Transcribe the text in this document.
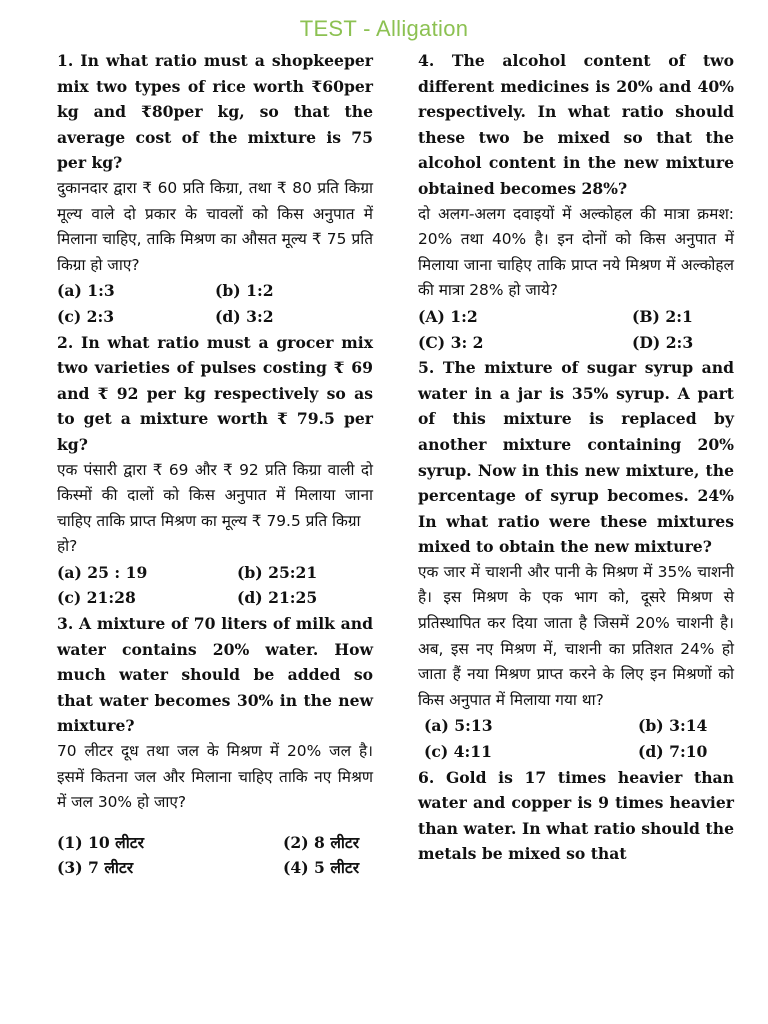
TEST - Alligation

1. In what ratio must a shopkeeper mix two types of rice worth ₹60per kg and ₹80per kg, so that the average cost of the mixture is 75 per kg?

दुकानदार द्वारा ₹ 60 प्रति किग्रा, तथा ₹ 80 प्रति किग्रा मूल्य वाले दो प्रकार के चावलों को किस अनुपात में मिलाना चाहिए, ताकि मिश्रण का औसत मूल्य ₹ 75 प्रति किग्रा हो जाए?

(a) 1:3	(b) 1:2
(c) 2:3	(d) 3:2

2. In what ratio must a grocer mix two varieties of pulses costing ₹ 69 and ₹ 92 per kg respectively so as to get a mixture worth ₹ 79.5 per kg?

एक पंसारी द्वारा ₹ 69 और ₹ 92 प्रति किग्रा वाली दो किस्मों की दालों को किस अनुपात में मिलाया जाना चाहिए ताकि प्राप्त मिश्रण का मूल्य ₹ 79.5 प्रति किग्रा

हो?

(a) 25 : 19	(b) 25:21
(c) 21:28	(d) 21:25

3. A mixture of 70 liters of milk and water contains 20% water. How much water should be added so that water becomes 30% in the new mixture?

70 लीटर दूध तथा जल के मिश्रण में 20% जल है। इसमें कितना जल और मिलाना चाहिए ताकि नए मिश्रण में जल 30% हो जाए?

(1) 10 लीटर	(2) 8 लीटर
(3) 7 लीटर	(4) 5 लीटर

4. The alcohol content of two different medicines is 20% and 40% respectively. In what ratio should these two be mixed so that the alcohol content in the new mixture obtained becomes 28%?

दो अलग-अलग दवाइयों में अल्कोहल की मात्रा क्रमश: 20% तथा 40% है। इन दोनों को किस अनुपात में मिलाया जाना चाहिए ताकि प्राप्त नये मिश्रण में अल्कोहल की मात्रा 28% हो जाये?

(A) 1:2	(B) 2:1
(C) 3: 2	(D) 2:3

5. The mixture of sugar syrup and water in a jar is 35% syrup. A part of this mixture is replaced by another mixture containing 20% syrup. Now in this new mixture, the percentage of syrup becomes. 24% In what ratio were these mixtures mixed to obtain the new mixture?

एक जार में चाशनी और पानी के मिश्रण में 35% चाशनी है। इस मिश्रण के एक भाग को, दूसरे मिश्रण से प्रतिस्थापित कर दिया जाता है जिसमें 20% चाशनी है। अब, इस नए मिश्रण में, चाशनी का प्रतिशत 24% हो जाता हैं नया मिश्रण प्राप्त करने के लिए इन मिश्रणों को किस अनुपात में मिलाया गया था?

(a) 5:13	(b) 3:14
(c) 4:11	(d) 7:10

6. Gold is 17 times heavier than water and copper is 9 times heavier than water. In what ratio should the metals be mixed so that
